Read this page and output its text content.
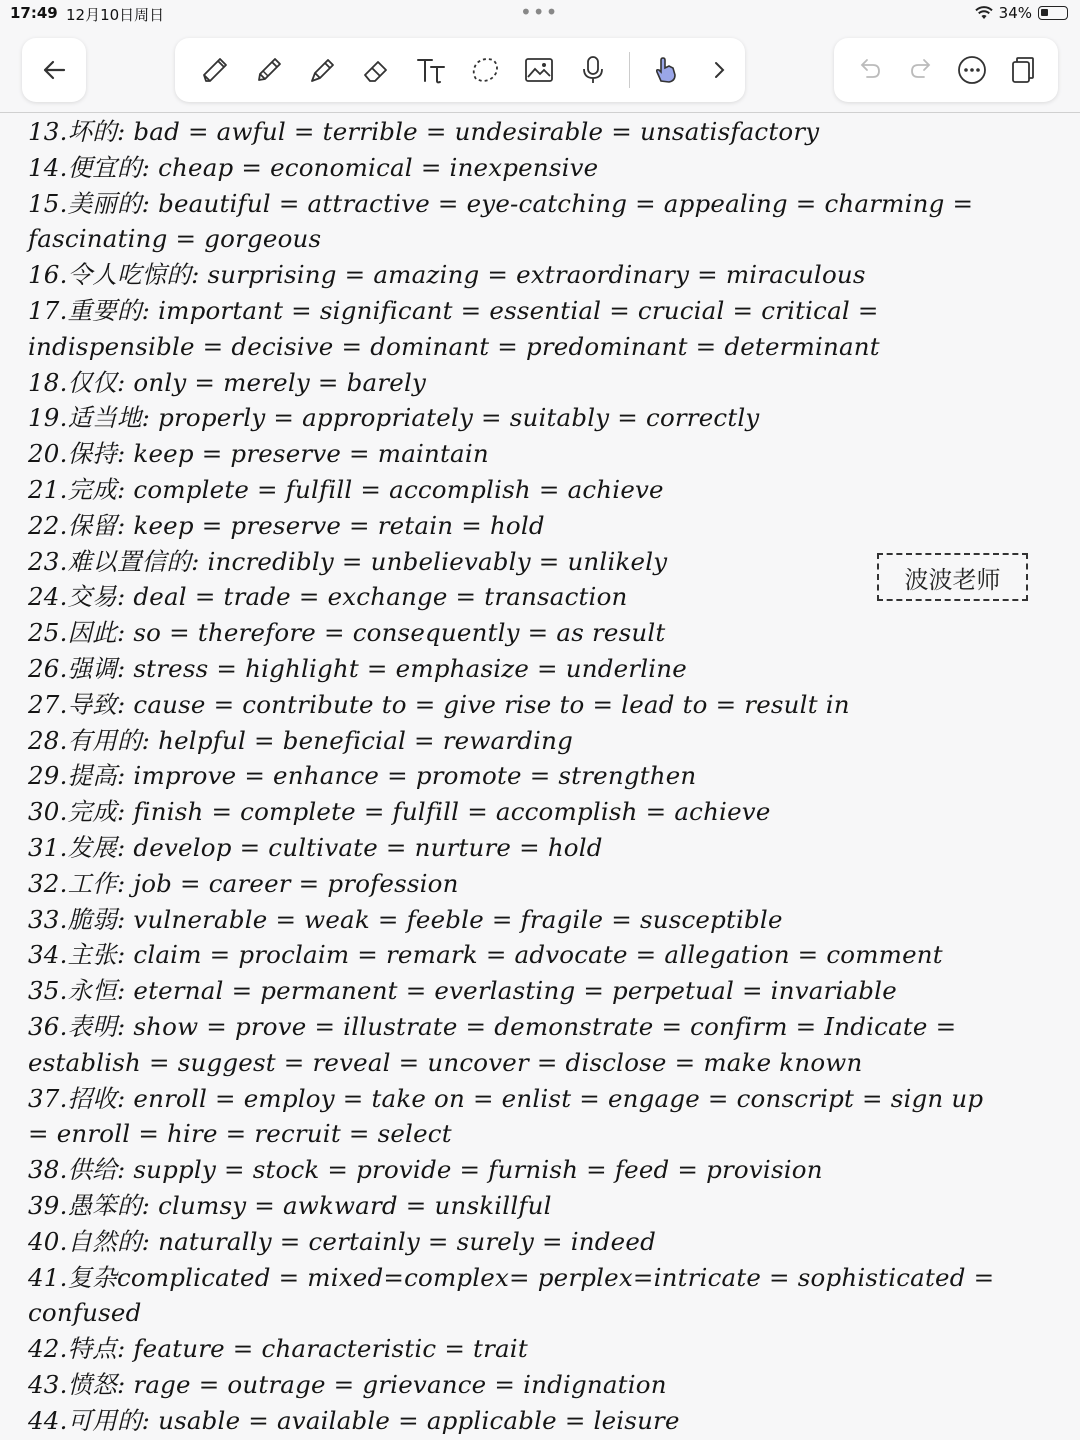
17:49 12月10日周日	•••	34%
13.坏的: bad = awful = terrible = undesirable = unsatisfactory
14.便宜的: cheap = economical = inexpensive
15.美丽的: beautiful = attractive = eye-catching = appealing = charming =
fascinating = gorgeous
16.令人吃惊的: surprising = amazing = extraordinary = miraculous
17.重要的: important = significant = essential = crucial = critical =
indispensible = decisive = dominant = predominant = determinant
18.仅仅: only = merely = barely
19.适当地: properly = appropriately = suitably = correctly
20.保持: keep = preserve = maintain
21.完成: complete = fulfill = accomplish = achieve
22.保留: keep = preserve = retain = hold
23.难以置信的: incredibly = unbelievably = unlikely
24.交易: deal = trade = exchange = transaction
25.因此: so = therefore = consequently = as result
26.强调: stress = highlight = emphasize = underline
27.导致: cause = contribute to = give rise to = lead to = result in
28.有用的: helpful = beneficial = rewarding
29.提高: improve = enhance = promote = strengthen
30.完成: finish = complete = fulfill = accomplish = achieve
31.发展: develop = cultivate = nurture = hold
32.工作: job = career = profession
33.脆弱: vulnerable = weak = feeble = fragile = susceptible
34.主张: claim = proclaim = remark = advocate = allegation = comment
35.永恒: eternal = permanent = everlasting = perpetual = invariable
36.表明: show = prove = illustrate = demonstrate = confirm = Indicate =
establish = suggest = reveal = uncover = disclose = make known
37.招收: enroll = employ = take on = enlist = engage = conscript = sign up
= enroll = hire = recruit = select
38.供给: supply = stock = provide = furnish = feed = provision
39.愚笨的: clumsy = awkward = unskillful
40.自然的: naturally = certainly = surely = indeed
41.复杂complicated = mixed=complex= perplex=intricate = sophisticated =
confused
42.特点: feature = characteristic = trait
43.愤怒: rage = outrage = grievance = indignation
44.可用的: usable = available = applicable = leisure
波波老师
